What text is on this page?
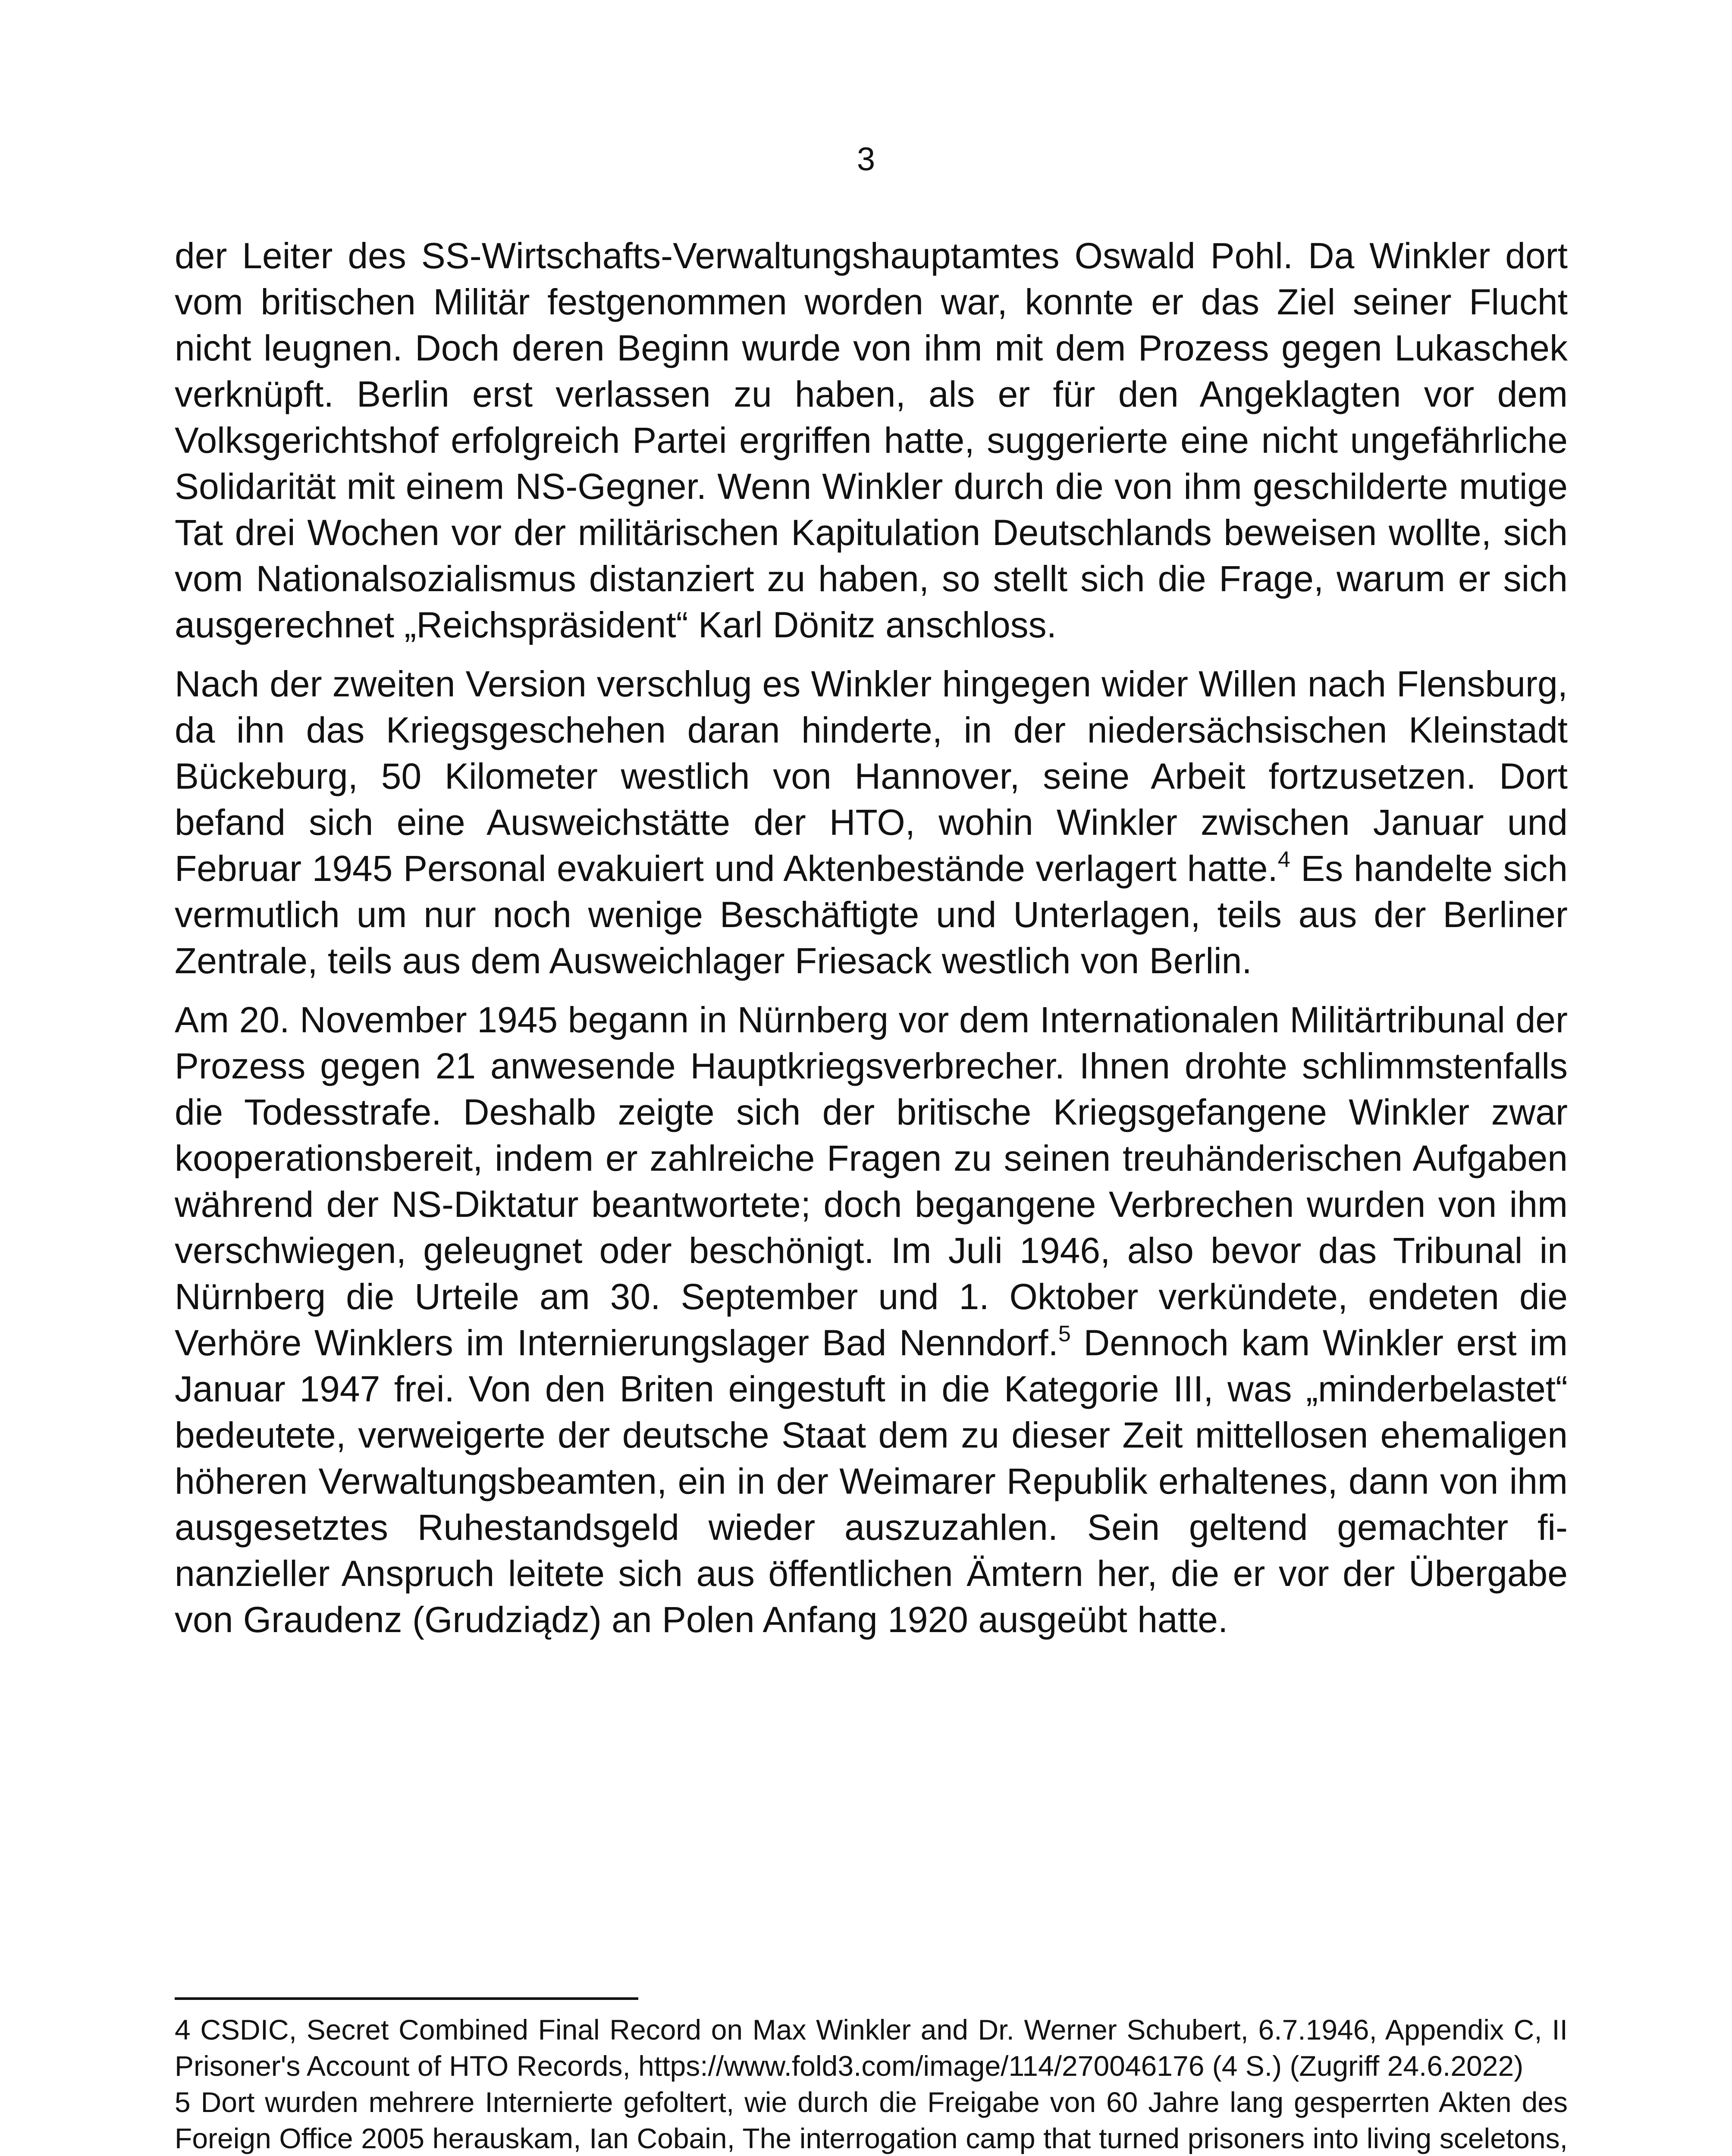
3

der Leiter des SS-Wirtschafts-Verwaltungshauptamtes Oswald Pohl. Da Winkler dort vom britischen Militär festgenommen worden war, konnte er das Ziel seiner Flucht nicht leugnen. Doch deren Beginn wurde von ihm mit dem Prozess gegen Lukaschek verknüpft. Berlin erst verlassen zu haben, als er für den Angeklagten vor dem Volksgerichtshof erfolgreich Partei ergriffen hatte, suggerierte eine nicht ungefährliche Solidarität mit einem NS-Gegner. Wenn Winkler durch die von ihm geschilderte mutige Tat drei Wochen vor der militärischen Kapitulation Deutschlands beweisen wollte, sich vom Nationalsozialismus distanziert zu haben, so stellt sich die Frage, warum er sich ausgerechnet „Reichspräsident“ Karl Dönitz anschloss.

Nach der zweiten Version verschlug es Winkler hingegen wider Willen nach Flensburg, da ihn das Kriegsgeschehen daran hinderte, in der niedersächsischen Kleinstadt Bückeburg, 50 Kilometer westlich von Hannover, seine Arbeit fortzusetzen. Dort befand sich eine Ausweichstätte der HTO, wohin Winkler zwischen Januar und Februar 1945 Personal evakuiert und Aktenbestände verlagert hatte.$^4$ Es handelte sich vermutlich um nur noch wenige Beschäftigte und Unterlagen, teils aus der Berliner Zentrale, teils aus dem Ausweichlager Friesack westlich von Berlin.

Am 20. November 1945 begann in Nürnberg vor dem Internationalen Militärtribunal der Prozess gegen 21 anwesende Hauptkriegsverbrecher. Ihnen drohte schlimmstenfalls die Todesstrafe. Deshalb zeigte sich der britische Kriegsgefangene Winkler zwar kooperationsbereit, indem er zahlreiche Fragen zu seinen treuhänderischen Aufgaben während der NS-Diktatur beantwortete; doch begangene Verbrechen wurden von ihm verschwiegen, geleugnet oder beschönigt. Im Juli 1946, also bevor das Tribunal in Nürnberg die Urteile am 30. September und 1. Oktober verkündete, endeten die Verhöre Winklers im Internierungslager Bad Nenndorf.$^5$ Dennoch kam Winkler erst im Januar 1947 frei. Von den Briten eingestuft in die Kategorie III, was „minderbelastet“ bedeutete, verweigerte der deutsche Staat dem zu dieser Zeit mittellosen ehemaligen höheren Verwaltungsbeamten, ein in der Weimarer Republik erhaltenes, dann von ihm ausgesetztes Ruhestandsgeld wieder auszuzahlen. Sein geltend gemachter finanzieller Anspruch leitete sich aus öffentlichen Ämtern her, die er vor der Übergabe von Graudenz (Grudziądz) an Polen Anfang 1920 ausgeübt hatte.

4 CSDIC, Secret Combined Final Record on Max Winkler and Dr. Werner Schubert, 6.7.1946, Appendix C, II Prisoner's Account of HTO Records, https://www.fold3.com/image/114/270046176 (4 S.) (Zugriff 24.6.2022)

5 Dort wurden mehrere Internierte gefoltert, wie durch die Freigabe von 60 Jahre lang gesperrten Akten des Foreign Office 2005 herauskam, Ian Cobain, The interrogation camp that turned prisoners into living sceletons,
